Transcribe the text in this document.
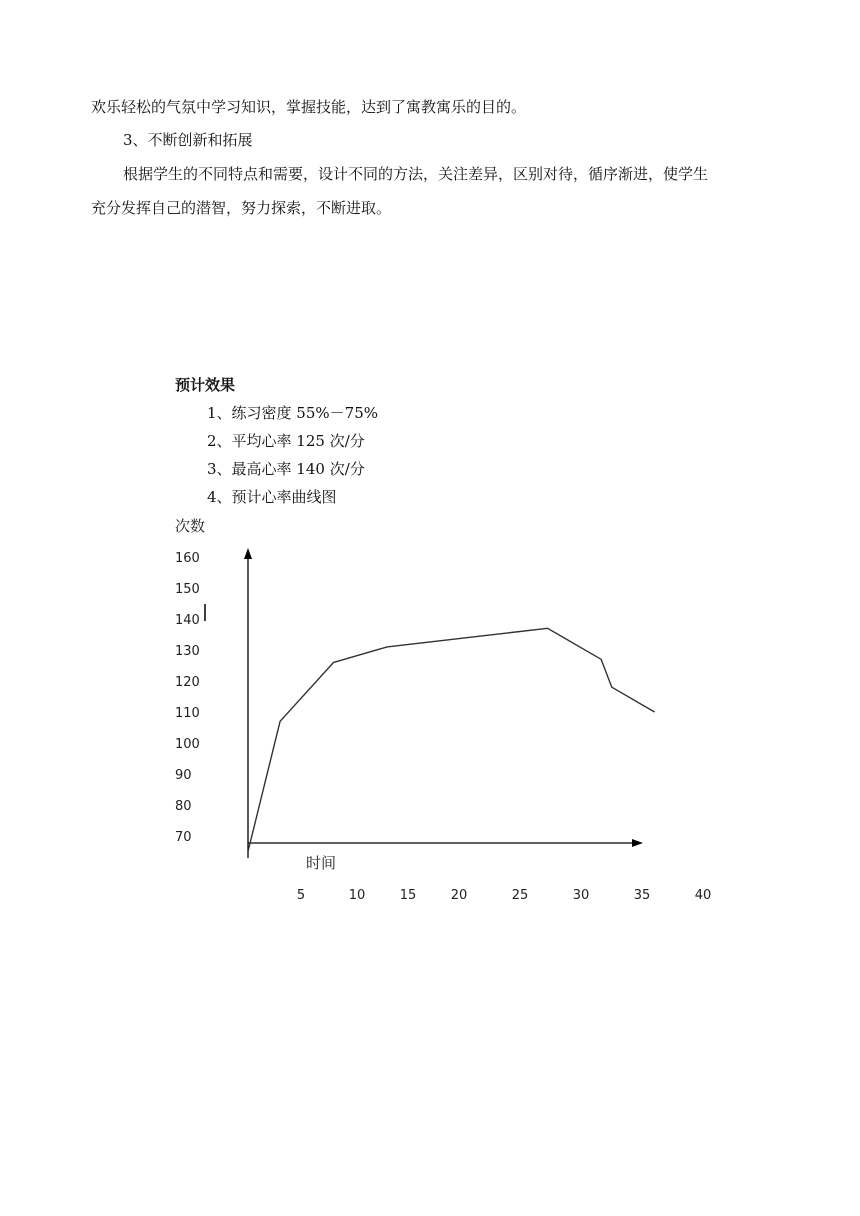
欢乐轻松的气氛中学习知识，掌握技能，达到了寓教寓乐的目的。

3、不断创新和拓展

根据学生的不同特点和需要，设计不同的方法，关注差异，区别对待，循序渐进，使学生

充分发挥自己的潜智，努力探索，不断进取。

预计效果

1、练习密度 55%－75%

2、平均心率 125 次/分

3、最高心率 140 次/分

4、预计心率曲线图

160
150
140
130
120
110
100
90
80
70
5	10	15	20	25	30	35	40
次数
时间
